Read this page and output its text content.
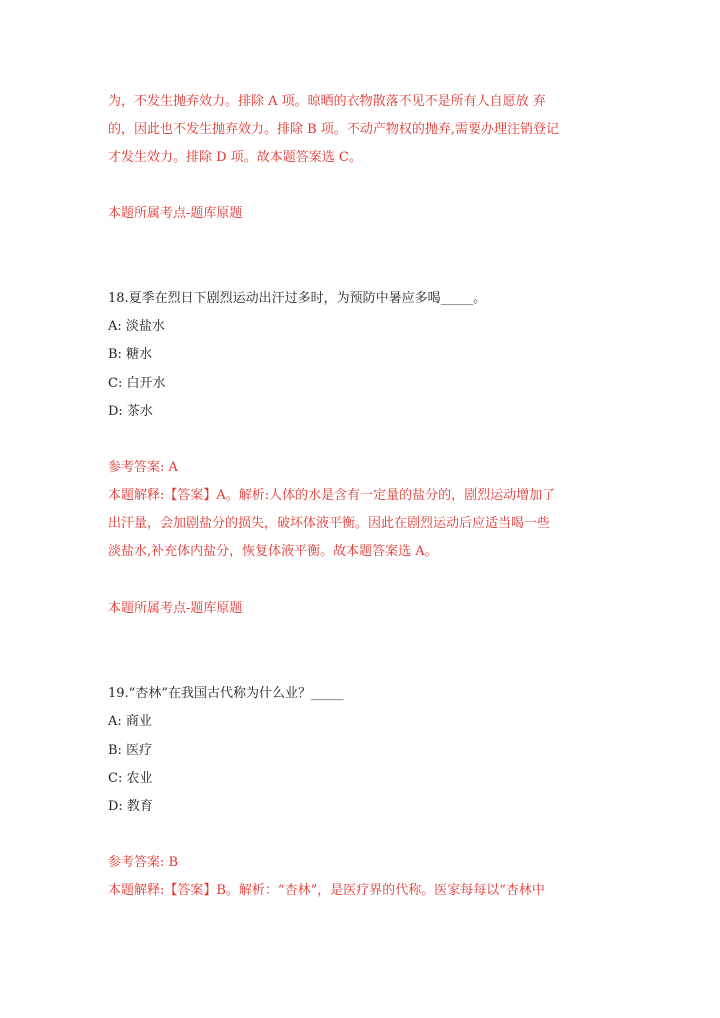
为，不发生抛弃效力。排除 A 项。晾晒的衣物散落不见不是所有人自愿放 弃
的，因此也不发生抛弃效力。排除 B 项。不动产物权的抛弃,需要办理注销登记
才发生效力。排除 D 项。故本题答案选 C。
本题所属考点-题库原题
18.夏季在烈日下剧烈运动出汗过多时，为预防中暑应多喝_____。
A: 淡盐水
B: 糖水
C: 白开水
D: 茶水
参考答案: A
本题解释:【答案】A。解析:人体的水是含有一定量的盐分的，剧烈运动增加了
出汗量，会加剧盐分的损失，破坏体液平衡。因此在剧烈运动后应适当喝一些
淡盐水,补充体内盐分，恢复体液平衡。故本题答案选 A。
本题所属考点-题库原题
19.“杏林”在我国古代称为什么业？_____
A: 商业
B: 医疗
C: 农业
D: 教育
参考答案: B
本题解释:【答案】B。解析：“杏林”，是医疗界的代称。医家每每以“杏林中
